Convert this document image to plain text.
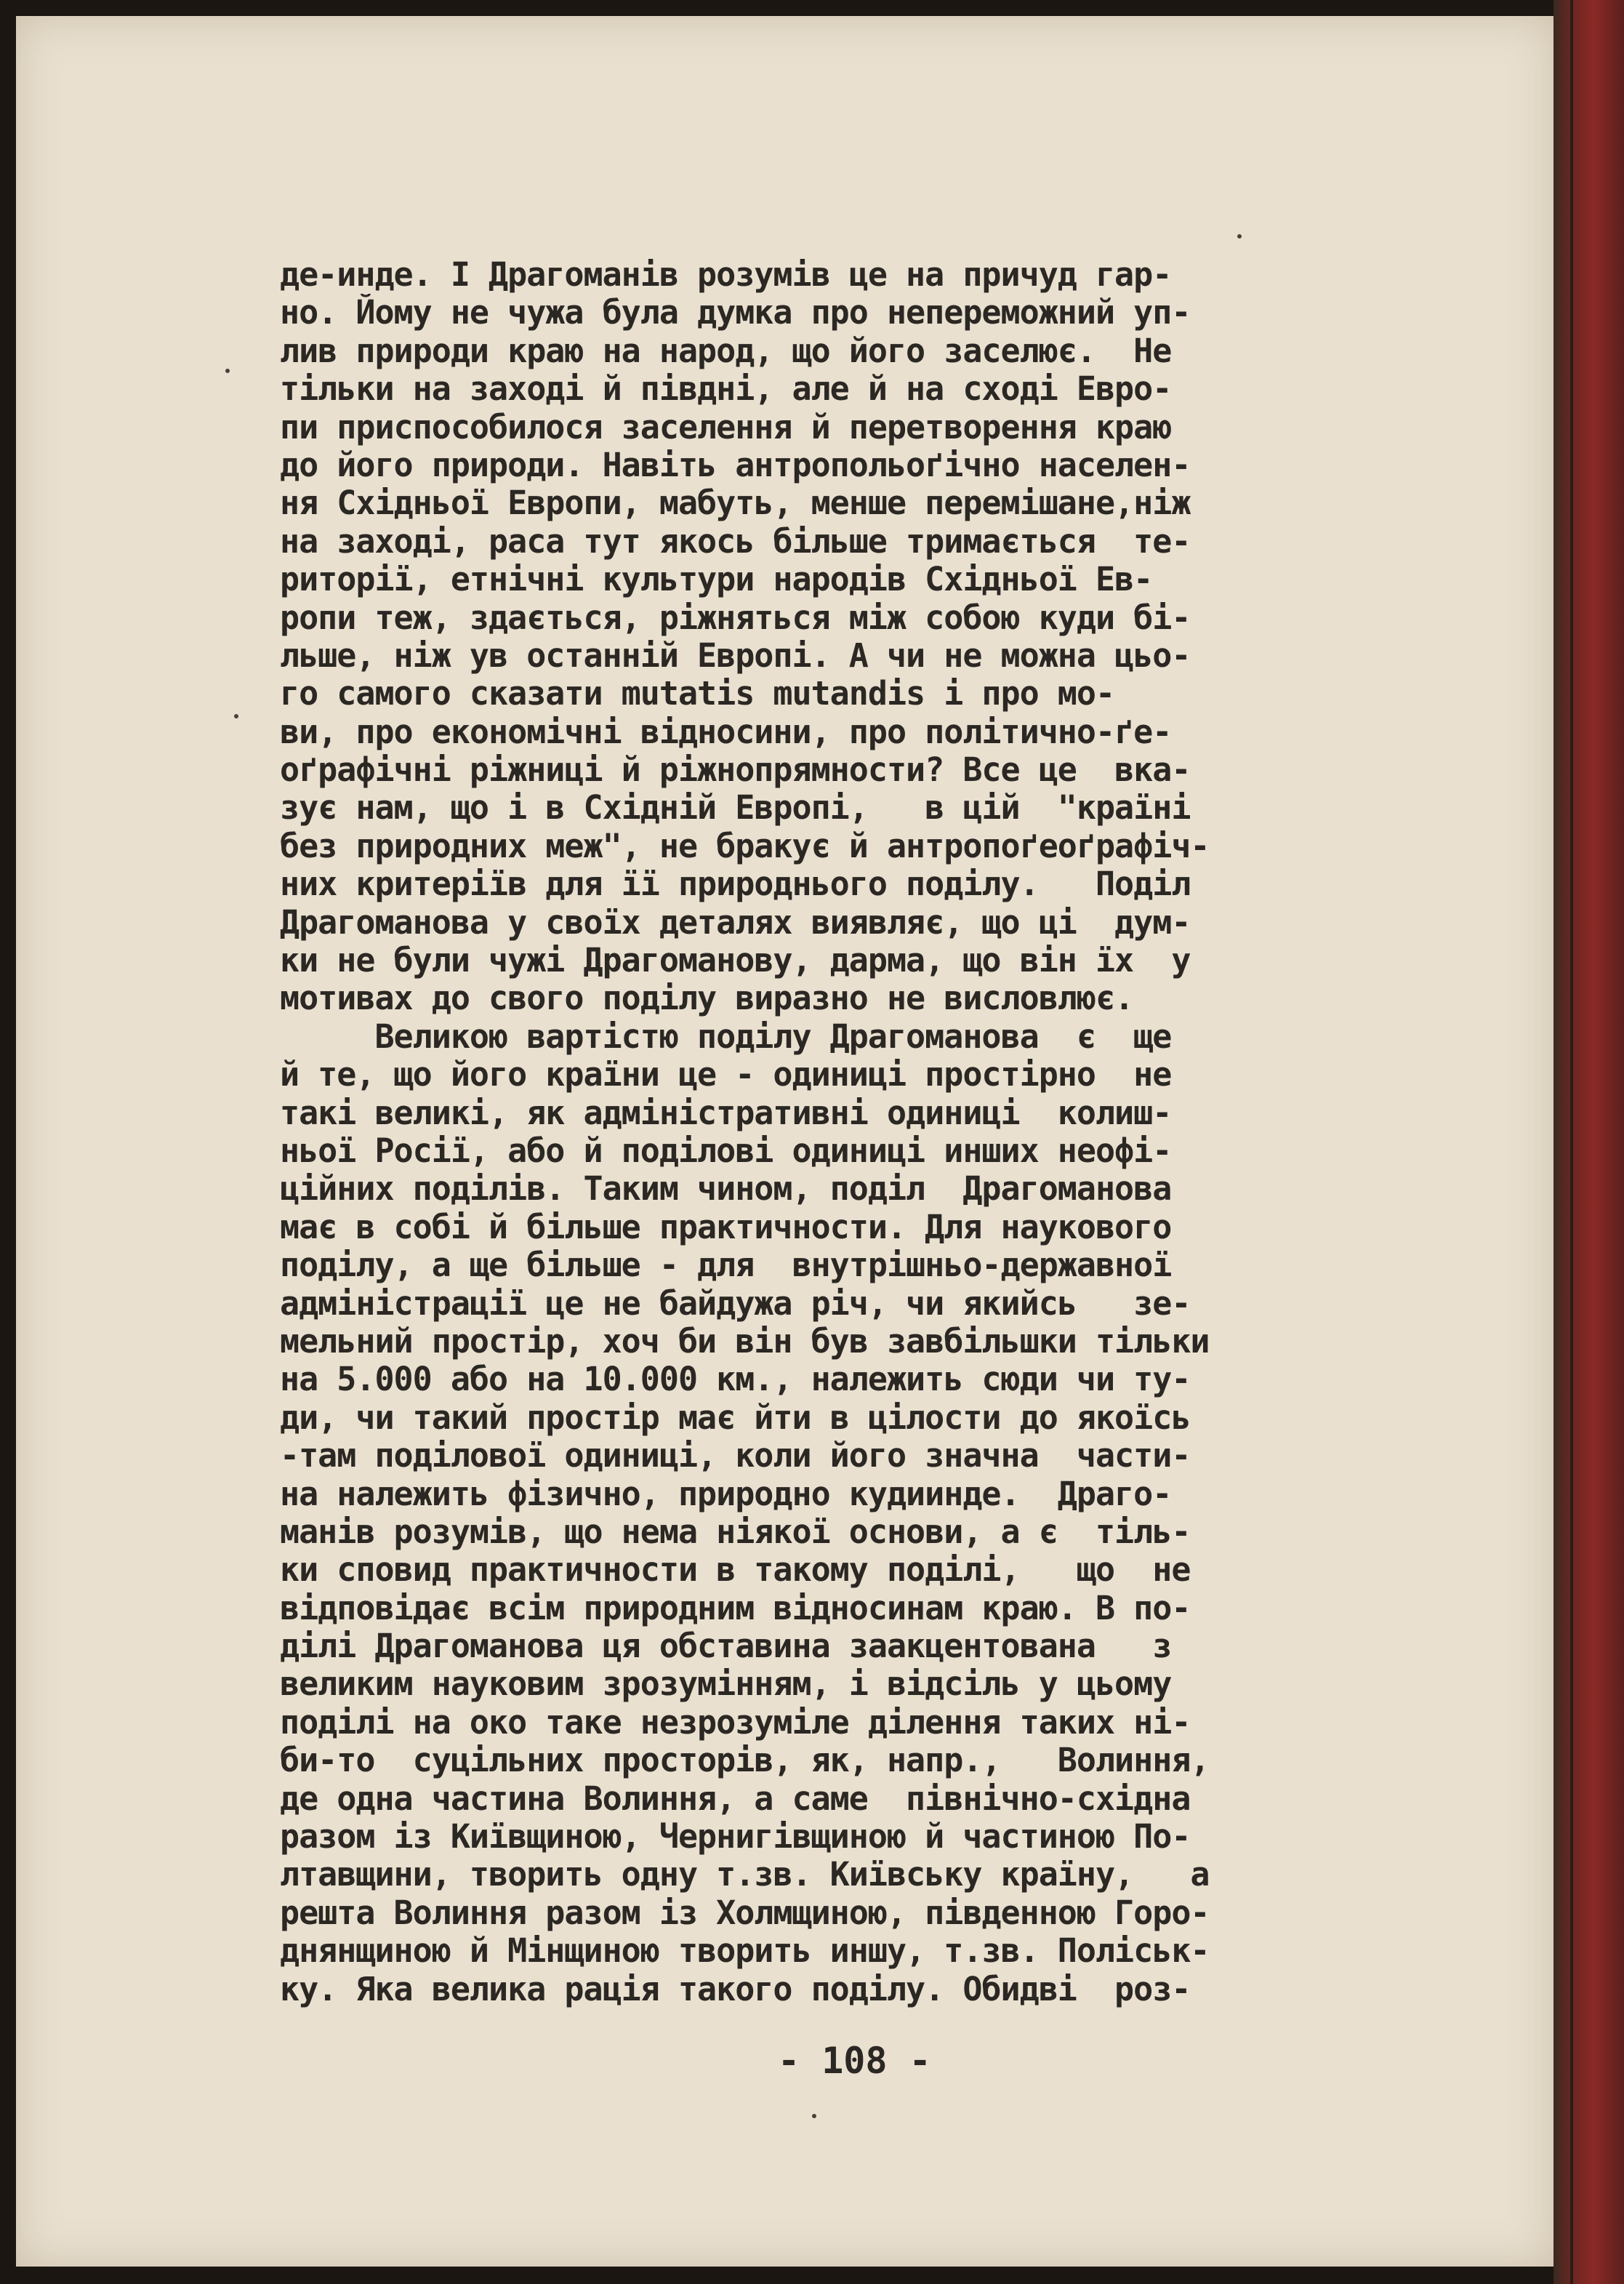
де-инде. I Драгоманів розумів це на причуд гар-
но. Йому не чужа була думка про непереможний уп-
лив природи краю на народ, що його заселює.  Не
тільки на заході й півдні, але й на сході Евро-
пи приспособилося заселення й перетворення краю
до його природи. Навіть антропольоґічно населен-
ня Східньої Европи, мабуть, менше перемішане,ніж
на заході, раса тут якось більше тримається  те-
риторії, етнічні культури народів Східньої Ев-
ропи теж, здається, ріжняться між собою куди бі-
льше, ніж ув останній Европі. А чи не можна цьо-
го самого сказати mutatis mutandis і про мо-
ви, про економічні відносини, про політично-ґе-
оґрафічні ріжниці й ріжнопрямности? Все це  вка-
зує нам, що і в Східній Европі,   в цій  "країні
без природних меж", не бракує й антропоґеоґрафіч-
них критеріїв для її природнього поділу.   Поділ
Драгоманова у своїх деталях виявляє, що ці  дум-
ки не були чужі Драгоманову, дарма, що він їх  у
мотивах до свого поділу виразно не висловлює.
Великою вартістю поділу Драгоманова  є  ще
й те, що його країни це - одиниці простірно  не
такі великі, як адміністративні одиниці  колиш-
ньої Росії, або й поділові одиниці инших неофі-
ційних поділів. Таким чином, поділ  Драгоманова
має в собі й більше практичности. Для наукового
поділу, а ще більше - для  внутрішньо-державної
адміністрації це не байдужа річ, чи якийсь   зе-
мельний простір, хоч би він був завбільшки тільки
на 5.000 або на 10.000 км., належить сюди чи ту-
ди, чи такий простір має йти в цілости до якоїсь
-там поділової одиниці, коли його значна  части-
на належить фізично, природно кудиинде.  Драго-
манів розумів, що нема ніякої основи, а є  тіль-
ки сповид практичности в такому поділі,   що  не
відповідає всім природним відносинам краю. В по-
ділі Драгоманова ця обставина заакцентована   з
великим науковим зрозумінням, і відсіль у цьому
поділі на око таке незрозуміле ділення таких ні-
би-то  суцільних просторів, як, напр.,   Волиння,
де одна частина Волиння, а саме  північно-східна
разом із Київщиною, Чернигівщиною й частиною По-
лтавщини, творить одну т.зв. Київську країну,   а
решта Волиння разом із Холмщиною, південною Горо-
днянщиною й Мінщиною творить иншу, т.зв. Поліськ-
ку. Яка велика рація такого поділу. Обидві  роз-
- 108 -
